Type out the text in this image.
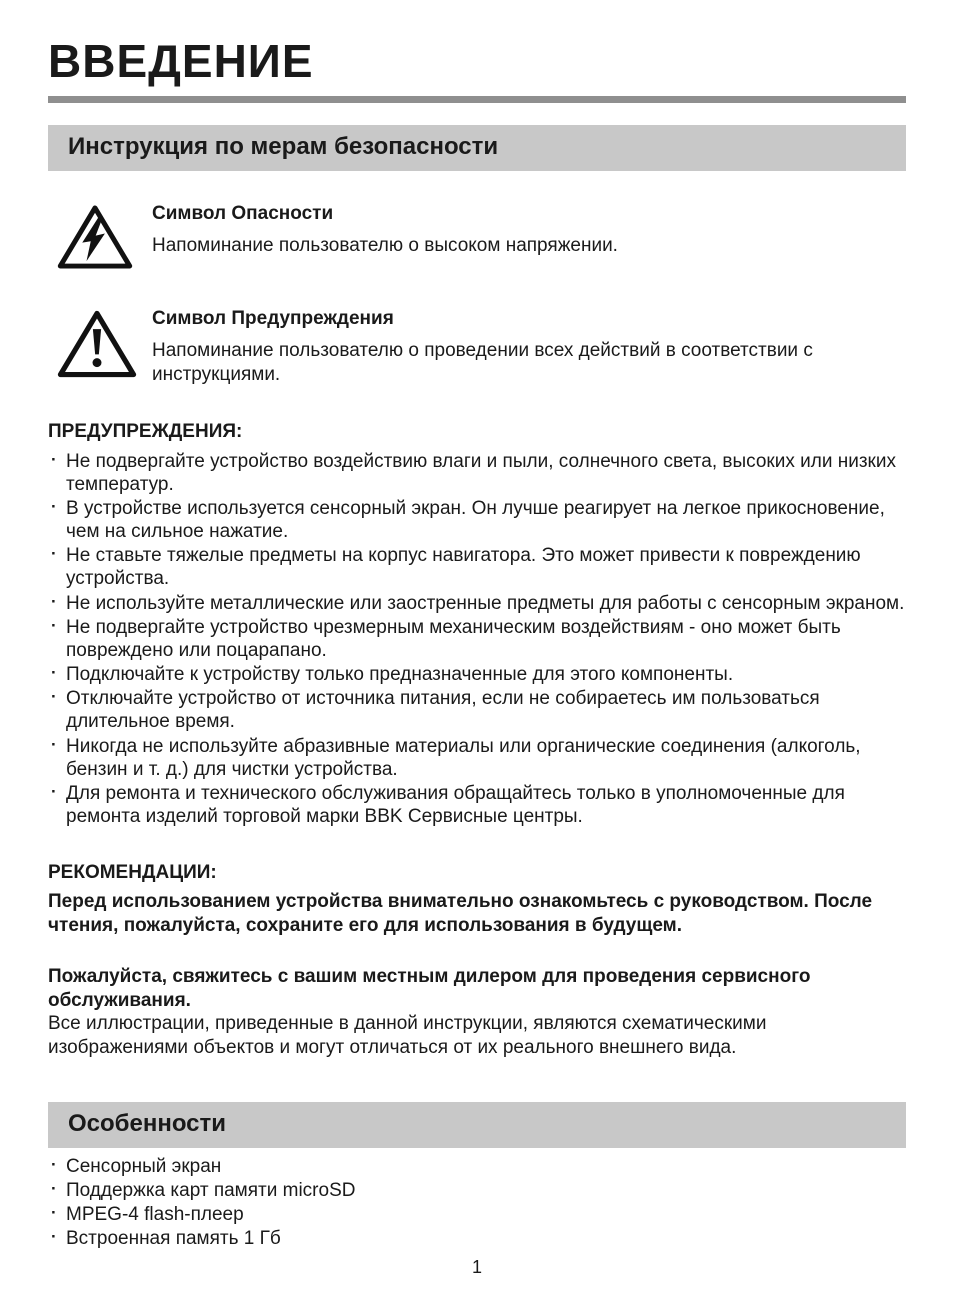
ВВЕДЕНИЕ
Инструкция по мерам безопасности
Символ Опасности
Напоминание пользователю о высоком напряжении.
Символ Предупреждения
Напоминание пользователю о проведении всех действий в соответствии с инструкциями.
ПРЕДУПРЕЖДЕНИЯ:
·
Не подвергайте устройство воздействию влаги и пыли, солнечного света, высоких или низких температур.
·
В устройстве используется сенсорный экран. Он лучше реагирует на легкое прикосновение, чем на сильное нажатие.
·
Не ставьте тяжелые предметы на корпус навигатора. Это может привести к повреждению устройства.
·
Не используйте металлические или заостренные предметы для работы с сенсорным экраном.
·
Не подвергайте устройство чрезмерным механическим воздействиям - оно может быть повреждено или поцарапано.
·
Подключайте к устройству только предназначенные для этого компоненты.
·
Отключайте устройство от источника питания, если не собираетесь им пользоваться длительное время.
·
Никогда не используйте абразивные материалы или органические соединения (алкоголь, бензин и т. д.) для чистки устройства.
·
Для ремонта и технического обслуживания обращайтесь только в уполномоченные для ремонта изделий торговой марки BBK Сервисные центры.
РЕКОМЕНДАЦИИ:

Перед использованием устройства внимательно ознакомьтесь с руководством. После чтения, пожалуйста, сохраните его для использования в будущем.

Пожалуйста, свяжитесь с вашим местным дилером для проведения сервисного обслуживания.

Все иллюстрации, приведенные в данной инструкции, являются схематическими изображениями объектов и могут отличаться от их реального внешнего вида.

Особенности
·
Сенсорный экран
·
Поддержка карт памяти microSD
·
MPEG-4 flash-плеер
·
Встроенная память 1 Гб
1
